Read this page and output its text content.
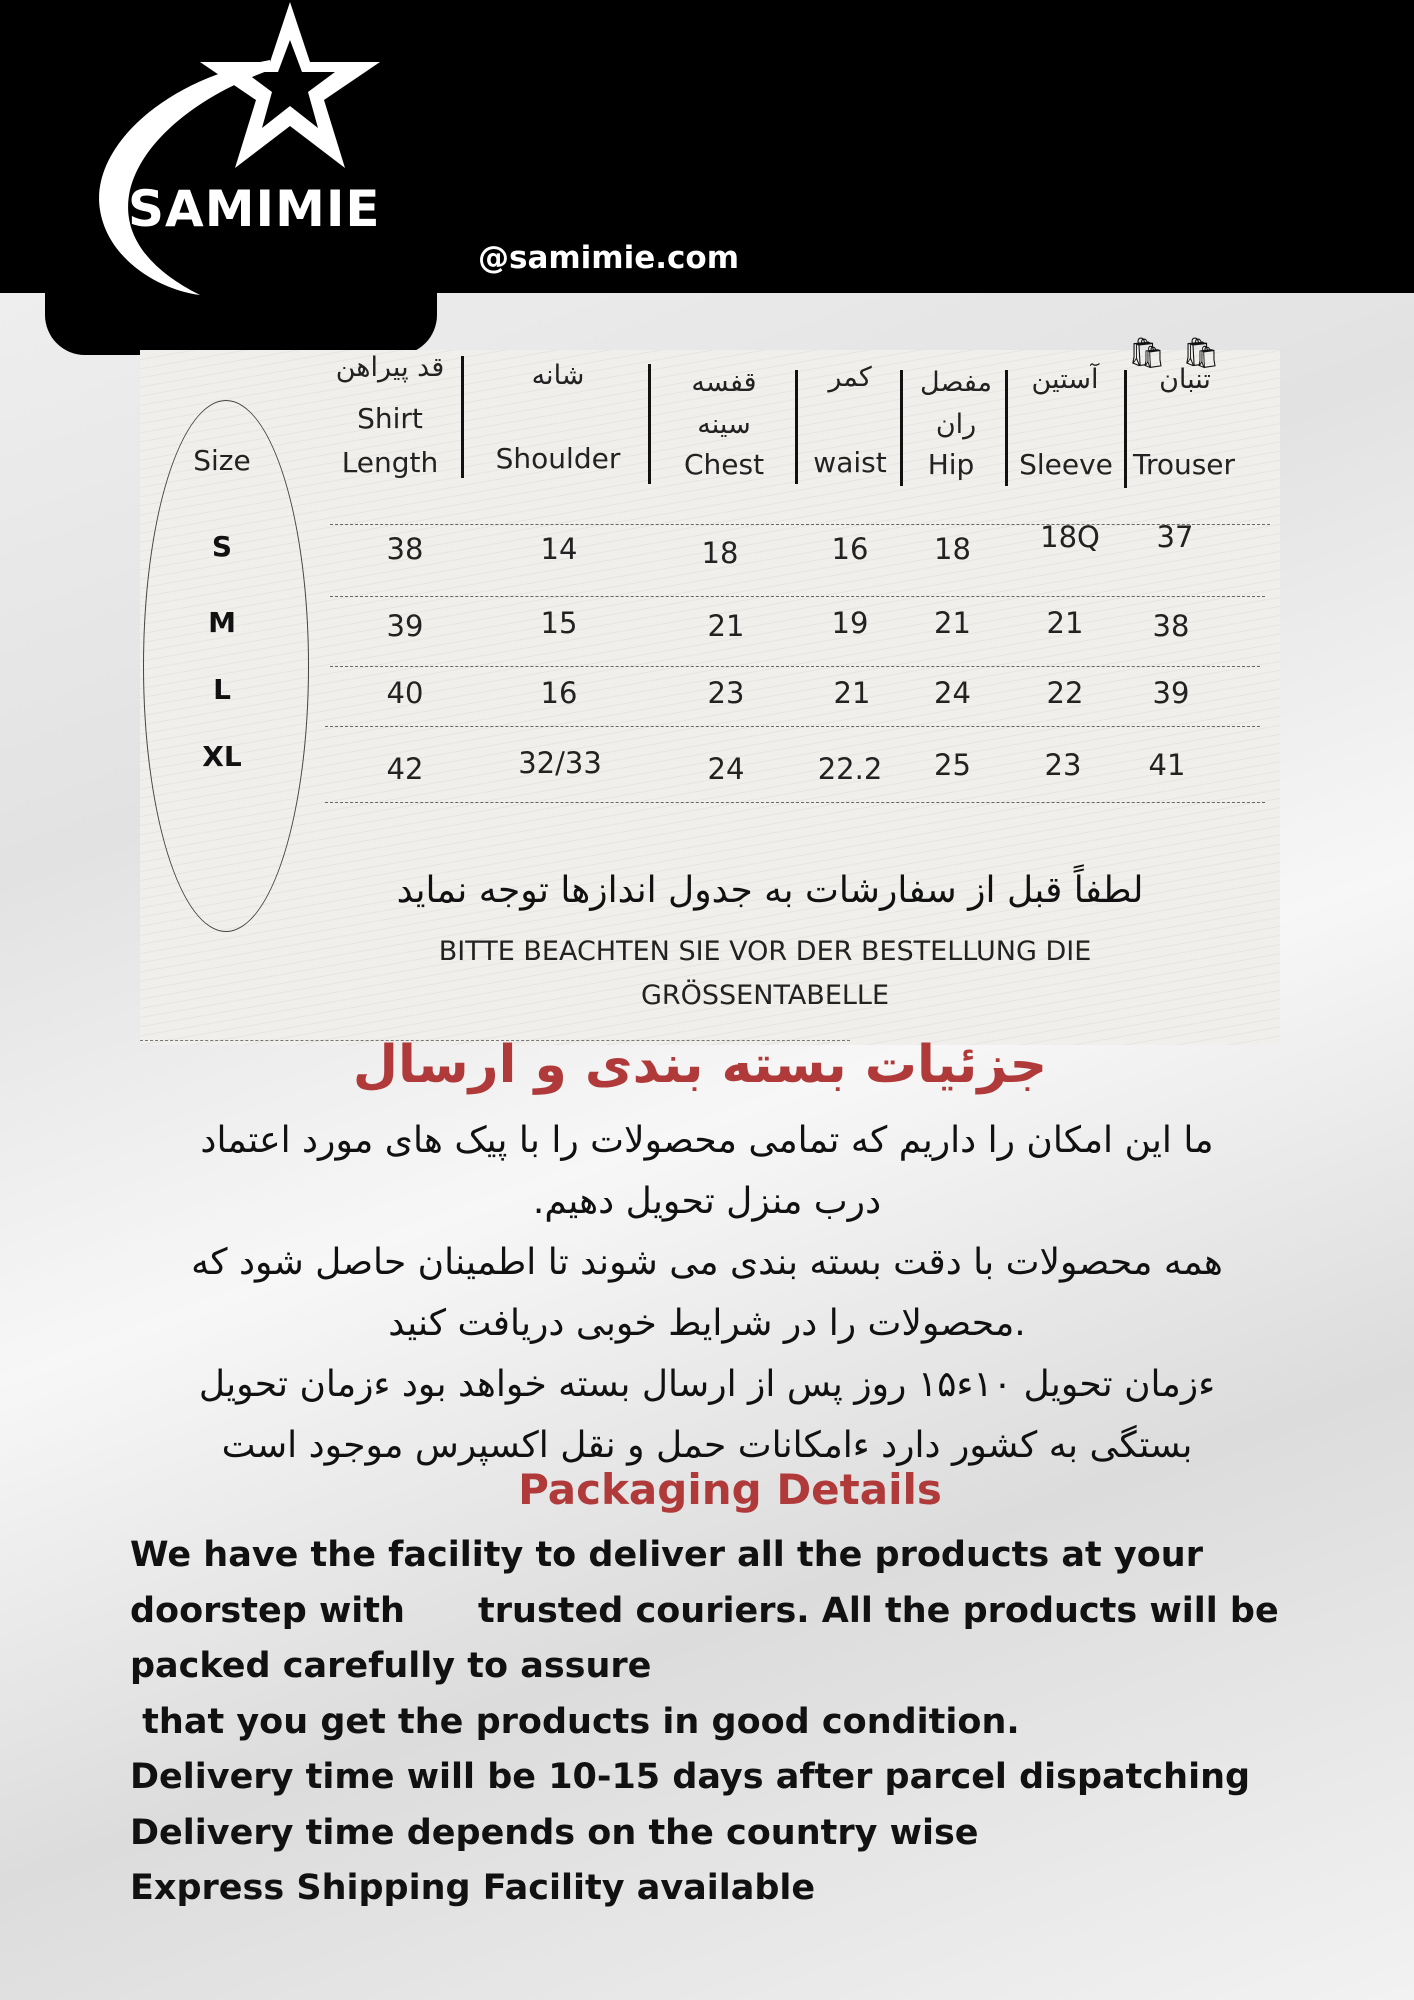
SAMIMIE
@samimie.com
Size
قد پیراهن
Shirt
Length
شانه
Shoulder
قفسه سینه
Chest
کمر
waist
مفصل ران
Hip
آستین
Sleeve
تنبان
Trouser
🛍 🛍
S	38	14	18	16	18	18Q	37
M	39	15	21	19	21	21	38
L	40	16	23	21	24	22	39
XL	42	32/33	24	22.2	25	23	41
لطفاً قبل از سفارشات به جدول اندازها توجه نماید
BITTE BEACHTEN SIE VOR DER BESTELLUNG DIE
GRÖSSENTABELLE
جزئیات بسته بندی و ارسال
ما این امکان را داریم که تمامی محصولات را با پیک های مورد اعتماد
درب منزل تحویل دهیم.
همه محصولات با دقت بسته بندی می شوند تا اطمینان حاصل شود که
.محصولات را در شرایط خوبی دریافت کنید
ءزمان تحویل ۱۰ء۱۵ روز پس از ارسال بسته خواهد بود ءزمان تحویل
بستگی به کشور دارد ءامکانات حمل و نقل اکسپرس موجود است
Packaging Details
We have the facility to deliver all the products at your
doorstep with      trusted couriers. All the products will be
packed carefully to assure
that you get the products in good condition.
Delivery time will be 10-15 days after parcel dispatching
Delivery time depends on the country wise
Express Shipping Facility available
